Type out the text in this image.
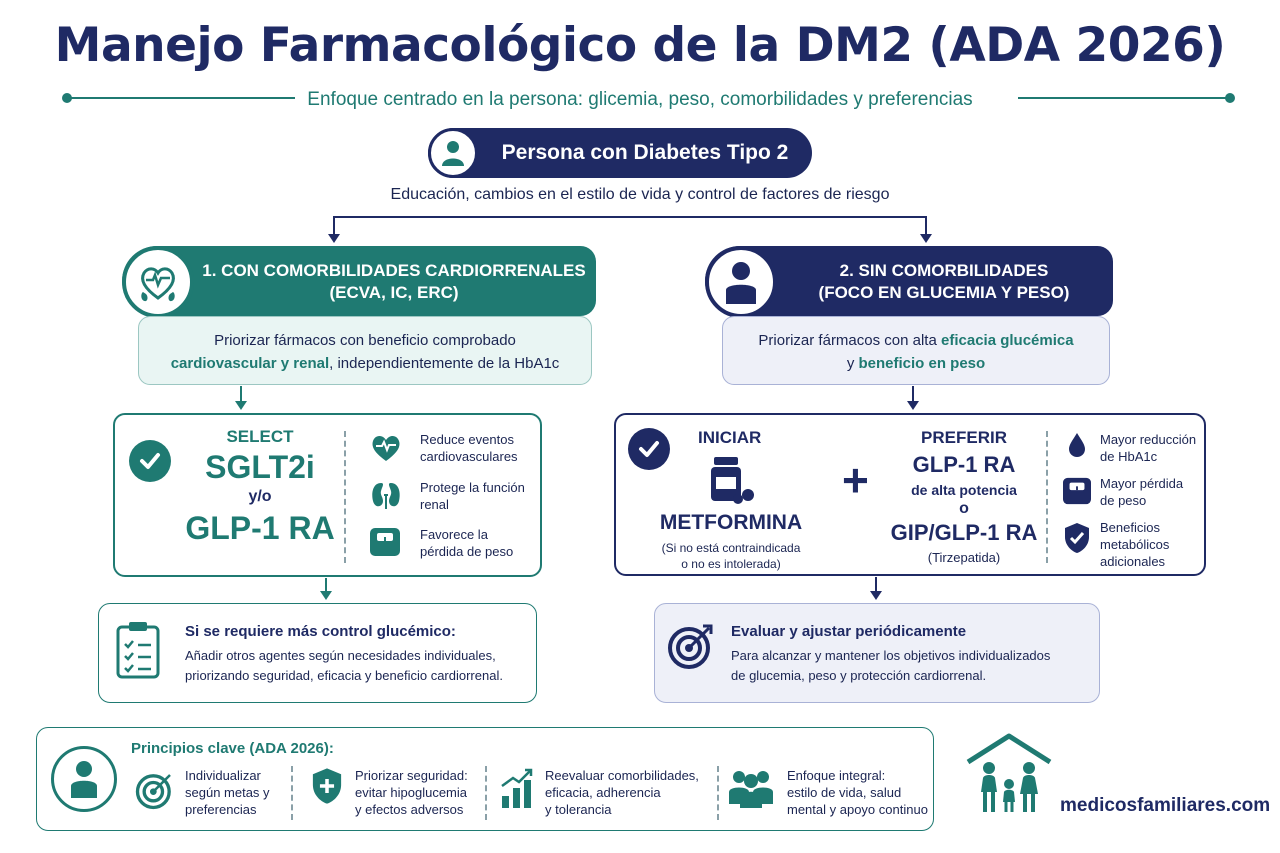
Manejo Farmacológico de la DM2 (ADA 2026)
Enfoque centrado en la persona: glicemia, peso, comorbilidades y preferencias
Persona con Diabetes Tipo 2
Educación, cambios en el estilo de vida y control de factores de riesgo
1. CON COMORBILIDADES CARDIORRENALES
(ECVA, IC, ERC)
Priorizar fármacos con beneficio comprobado
cardiovascular y renal, independientemente de la HbA1c
SELECT
SGLT2i
y/o
GLP-1 RA
Reduce eventos
cardiovasculares
Protege la función
renal
Favorece la
pérdida de peso
Si se requiere más control glucémico:
Añadir otros agentes según necesidades individuales,
priorizando seguridad, eficacia y beneficio cardiorrenal.
2. SIN COMORBILIDADES
(FOCO EN GLUCEMIA Y PESO)
Priorizar fármacos con alta eficacia glucémica
y beneficio en peso
INICIAR
METFORMINA
(Si no está contraindicada
o no es intolerada)
+
PREFERIR
GLP-1 RA
de alta potencia
o
GIP/GLP-1 RA
(Tirzepatida)
Mayor reducción
de HbA1c
Mayor pérdida
de peso
Beneficios
metabólicos
adicionales
Evaluar y ajustar periódicamente
Para alcanzar y mantener los objetivos individualizados
de glucemia, peso y protección cardiorrenal.
Principios clave (ADA 2026):
Individualizar
según metas y
preferencias
Priorizar seguridad:
evitar hipoglucemia
y efectos adversos
Reevaluar comorbilidades,
eficacia, adherencia
y tolerancia
Enfoque integral:
estilo de vida, salud
mental y apoyo continuo	medicosfamiliares.com
